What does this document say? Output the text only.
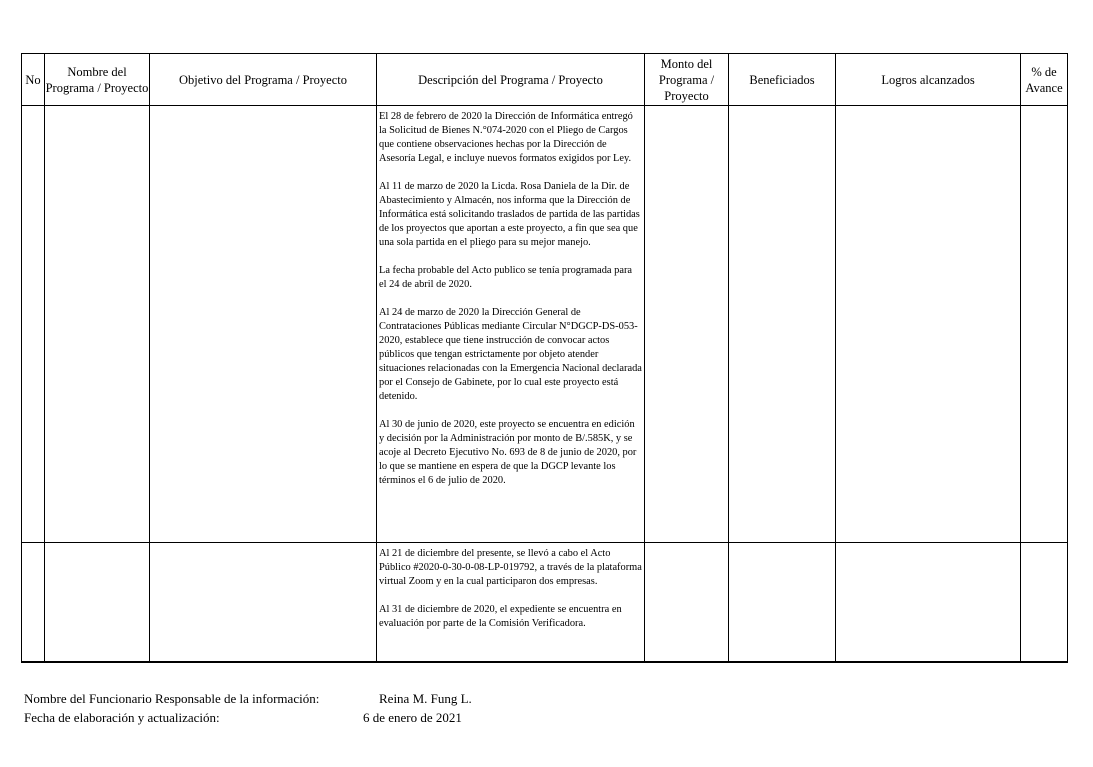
No	Nombre del Programa / Proyecto	Objetivo del Programa / Proyecto	Descripción del Programa / Proyecto	Monto del Programa / Proyecto	Beneficiados	Logros alcanzados	% de Avance

			El 28 de febrero de 2020 la Dirección de Informática entregó la Solicitud de Bienes N.°074-2020 con el Pliego de Cargos que contiene observaciones hechas por la Dirección de Asesoría Legal, e incluye nuevos formatos exigidos por Ley.

Al 11 de marzo de 2020 la Licda. Rosa Daniela de la Dir. de Abastecimiento y Almacén, nos informa que la Dirección de Informática está solicitando traslados de partida de las partidas de los proyectos que aportan a este proyecto, a fin que sea que una sola partida en el pliego para su mejor manejo.

La fecha probable del Acto publico se tenía programada para el 24 de abril de 2020.

Al 24 de marzo de 2020 la Dirección General de Contrataciones Públicas mediante Circular N°DGCP-DS-053-2020, establece que tiene instrucción de convocar actos públicos que tengan estrictamente por objeto atender situaciones relacionadas con la Emergencia Nacional declarada por el Consejo de Gabinete, por lo cual este proyecto está detenido.

Al 30 de junio de 2020, este proyecto se encuentra en edición y decisión por la Administración por monto de B/.585K, y se acoje al Decreto Ejecutivo No. 693 de 8 de junio de 2020, por lo que se mantiene en espera de que la DGCP levante los términos el 6 de julio de 2020.				

			Al 21 de diciembre del presente, se llevó a cabo el Acto Público #2020-0-30-0-08-LP-019792, a través de la plataforma virtual Zoom y en la cual participaron dos empresas.

Al 31 de diciembre de 2020, el expediente se encuentra en evaluación por parte de la Comisión Verificadora.				

Nombre del Funcionario Responsable de la información:	Reina M. Fung L.
Fecha de elaboración y actualización:	6 de enero de 2021
